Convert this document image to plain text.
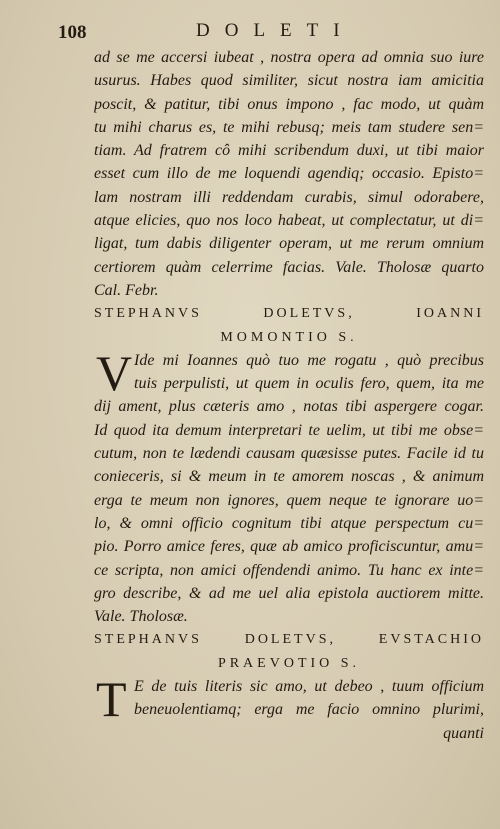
108	DOLETI
ad se me accersi iubeat , nostra opera ad omnia suo iure
usurus. Habes quod similiter, sicut nostra iam amicitia
poscit, & patitur, tibi onus impono , fac modo, ut quàm
tu mihi charus es, te mihi rebusq; meis tam studere sen=
tiam. Ad fratrem cô mihi scribendum duxi, ut tibi maior
esset cum illo de me loquendi agendiq; occasio. Episto=
lam nostram illi reddendam curabis, simul odorabere,
atque elicies, quo nos loco habeat, ut complectatur, ut di=
ligat, tum dabis diligenter operam, ut me rerum omnium
certiorem quàm celerrime facias. Vale. Tholosæ quarto
Cal. Febr.
STEPHANVS DOLETVS, IOANNI
MOMONTIO S.
V Ide mi Ioannes quò tuo me rogatu , quò precibus
tuis perpulisti, ut quem in oculis fero, quem, ita me
dij ament, plus cæteris amo , notas tibi aspergere cogar.
Id quod ita demum interpretari te uelim, ut tibi me obse=
cutum, non te lædendi causam quæsisse putes. Facile id tu
conieceris, si & meum in te amorem noscas , & animum
erga te meum non ignores, quem neque te ignorare uo=
lo, & omni officio cognitum tibi atque perspectum cu=
pio. Porro amice feres, quæ ab amico proficiscuntur, amu=
ce scripta, non amici offendendi animo. Tu hanc ex inte=
gro describe, & ad me uel alia epistola auctiorem mitte.
Vale. Tholosæ.
STEPHANVS DOLETVS, EVSTACHIO
PRAEVOTIO S.
T E de tuis literis sic amo, ut debeo , tuum officium
beneuolentiamq; erga me facio omnino plurimi,
quanti
